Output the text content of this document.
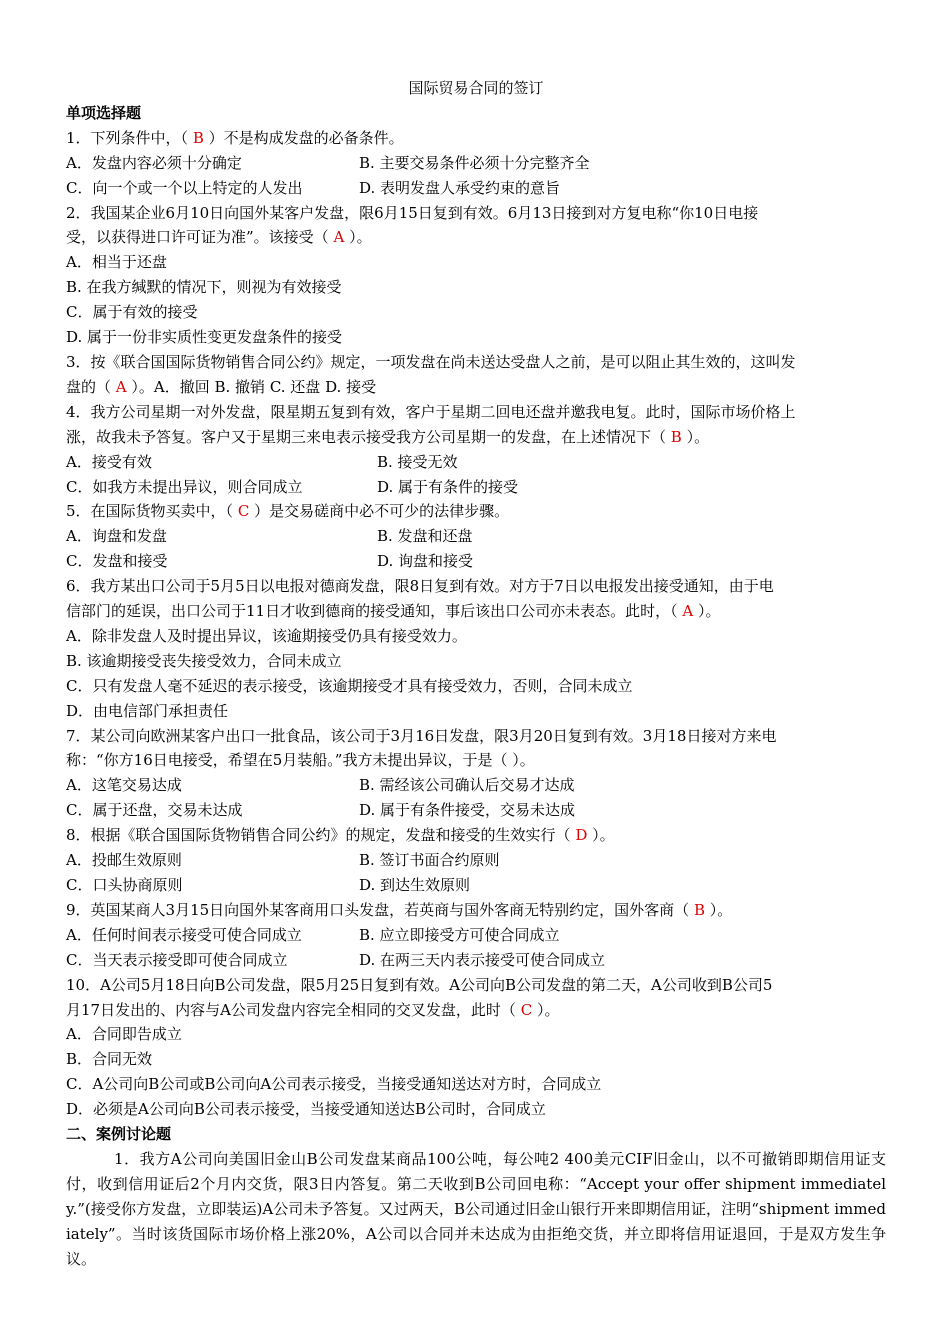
国际贸易合同的签订
单项选择题
1．下列条件中，（ B ）不是构成发盘的必备条件。
A．发盘内容必须十分确定	B. 主要交易条件必须十分完整齐全
C．向一个或一个以上特定的人发出	D. 表明发盘人承受约束的意旨
2．我国某企业6月10日向国外某客户发盘，限6月15日复到有效。6月13日接到对方复电称“你10日电接
受，以获得进口许可证为准”。该接受（ A ）。
A．相当于还盘
B. 在我方缄默的情况下，则视为有效接受
C．属于有效的接受
D. 属于一份非实质性变更发盘条件的接受
3．按《联合国国际货物销售合同公约》规定，一项发盘在尚未送达受盘人之前，是可以阻止其生效的，这叫发
盘的（ A ）。A．撤回 B. 撤销 C. 还盘 D. 接受
4．我方公司星期一对外发盘，限星期五复到有效，客户于星期二回电还盘并邀我电复。此时，国际市场价格上
涨，故我未予答复。客户又于星期三来电表示接受我方公司星期一的发盘，在上述情况下（ B ）。
A．接受有效	B. 接受无效
C．如我方未提出异议，则合同成立	D. 属于有条件的接受
5．在国际货物买卖中，（ C ）是交易磋商中必不可少的法律步骤。
A．询盘和发盘	B. 发盘和还盘
C．发盘和接受	D. 询盘和接受
6．我方某出口公司于5月5日以电报对德商发盘，限8日复到有效。对方于7日以电报发出接受通知，由于电
信部门的延误，出口公司于11日才收到德商的接受通知，事后该出口公司亦未表态。此时，（ A ）。
A．除非发盘人及时提出异议，该逾期接受仍具有接受效力。
B. 该逾期接受丧失接受效力，合同未成立
C．只有发盘人毫不延迟的表示接受，该逾期接受才具有接受效力，否则，合同未成立
D．由电信部门承担责任
7．某公司向欧洲某客户出口一批食品，该公司于3月16日发盘，限3月20日复到有效。3月18日接对方来电
称：“你方16日电接受，希望在5月装船。”我方未提出异议，于是（ ）。
A．这笔交易达成	B. 需经该公司确认后交易才达成
C．属于还盘，交易未达成	D. 属于有条件接受，交易未达成
8．根据《联合国国际货物销售合同公约》的规定，发盘和接受的生效实行（ D ）。
A．投邮生效原则	B. 签订书面合约原则
C．口头协商原则	D. 到达生效原则
9．英国某商人3月15日向国外某客商用口头发盘，若英商与国外客商无特别约定，国外客商（ B ）。
A．任何时间表示接受可使合同成立	B. 应立即接受方可使合同成立
C．当天表示接受即可使合同成立	D. 在两三天内表示接受可使合同成立
10．A公司5月18日向B公司发盘，限5月25日复到有效。A公司向B公司发盘的第二天，A公司收到B公司5
月17日发出的、内容与A公司发盘内容完全相同的交叉发盘，此时（ C ）。
A．合同即告成立
B．合同无效
C．A公司向B公司或B公司向A公司表示接受，当接受通知送达对方时，合同成立
D．必须是A公司向B公司表示接受，当接受通知送达B公司时，合同成立
二、案例讨论题
1．我方A公司向美国旧金山B公司发盘某商品100公吨，每公吨2 400美元CIF旧金山，以不可撤销即期信用证支付，收到信用证后2个月内交货，限3日内答复。第二天收到B公司回电称：“Accept your offer shipment immediately.”(接受你方发盘，立即装运)A公司未予答复。又过两天，B公司通过旧金山银行开来即期信用证，注明“shipment immediately”。当时该货国际市场价格上涨20%，A公司以合同并未达成为由拒绝交货，并立即将信用证退回，于是双方发生争议。
